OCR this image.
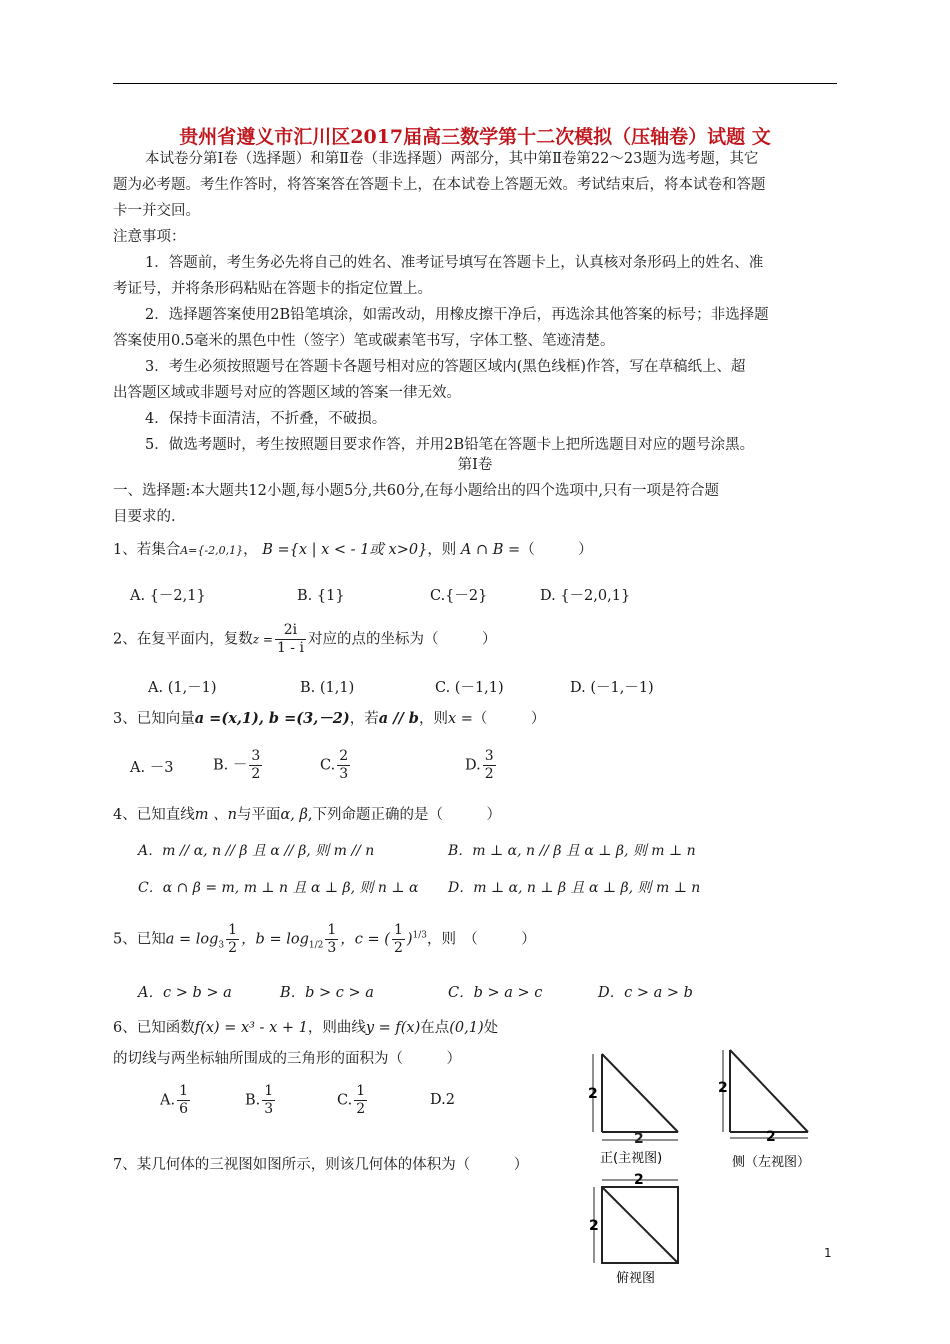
贵州省遵义市汇川区2017届高三数学第十二次模拟（压轴卷）试题 文
本试卷分第Ⅰ卷（选择题）和第Ⅱ卷（非选择题）两部分，其中第Ⅱ卷第22～23题为选考题，其它
题为必考题。考生作答时，将答案答在答题卡上，在本试卷上答题无效。考试结束后，将本试卷和答题
卡一并交回。
注意事项：
1．答题前，考生务必先将自己的姓名、准考证号填写在答题卡上，认真核对条形码上的姓名、准
考证号，并将条形码粘贴在答题卡的指定位置上。
2．选择题答案使用2B铅笔填涂，如需改动，用橡皮擦干净后，再选涂其他答案的标号；非选择题
答案使用0.5毫米的黑色中性（签字）笔或碳素笔书写，字体工整、笔迹清楚。
3．考生必须按照题号在答题卡各题号相对应的答题区域内(黑色线框)作答，写在草稿纸上、超
出答题区域或非题号对应的答题区域的答案一律无效。
4．保持卡面清洁，不折叠，不破损。
5．做选考题时，考生按照题目要求作答，并用2B铅笔在答题卡上把所选题目对应的题号涂黑。
第Ⅰ卷
一、选择题:本大题共12小题,每小题5分,共60分,在每小题给出的四个选项中,只有一项是符合题
目要求的.
1、若集合A={-2,0,1}， B ={x | x < - 1或 x>0}，则 A ∩ B =（　　　）
A. {－2,1}	B. {1}	C.{－2}	D. {－2,0,1}
2、在复平面内，复数$z = \frac{2i}{1 - i}$ 对应的点的坐标为（　　　）
A. (1,－1)	B. (1,1)	C. (－1,1)	D. (－1,－1)
3、已知向量a =(x,1), b =(3,－2)，若a // b，则x =（　　　）
A. －3	B. － $\frac{3}{2}$	C. $\frac{2}{3}$	D. $\frac{3}{2}$
4、已知直线m 、n与平面α, β,下列命题正确的是（　　　）
A．m // α, n // β 且 α // β, 则 m // n	B．m ⊥ α, n // β 且 α ⊥ β, 则 m ⊥ n
C．α ∩ β = m, m ⊥ n 且 α ⊥ β, 则 n ⊥ α D．m ⊥ α, n ⊥ β 且 α ⊥ β, 则 m ⊥ n
5、已知$a = \log_3 \frac{1}{2}$ ，$b = \log_{1/2} \frac{1}{3}$ ，c = ( $\frac{1}{2} )^{1/3}$，则　（　　　）
A．c > b > a	B．b > c > a	C．b > a > c	D．c > a > b
6、已知函数f(x) = x³ - x + 1，则曲线y = f(x)在点(0,1)处
的切线与两坐标轴所围成的三角形的面积为（　　　）
A. $\frac{1}{6}$	B. $\frac{1}{3}$	C. $\frac{1}{2}$	D.2
7、某几何体的三视图如图所示，则该几何体的体积为（　　　）
2
2
正(主视图)
2
2
侧（左视图）
2
2
俯视图
1
